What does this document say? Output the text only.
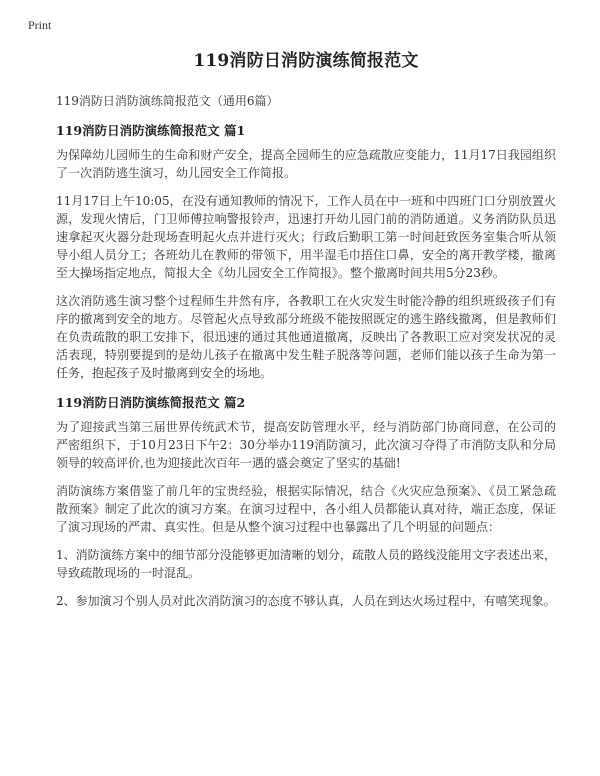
Print
119消防日消防演练简报范文
119消防日消防演练简报范文（通用6篇）
119消防日消防演练简报范文 篇1

为保障幼儿园师生的生命和财产安全，提高全园师生的应急疏散应变能力，11月17日我园组织了一次消防逃生演习，幼儿园安全工作简报。

11月17日上午10:05，在没有通知教师的情况下，工作人员在中一班和中四班门口分别放置火源，发现火情后，门卫师傅拉响警报铃声，迅速打开幼儿园门前的消防通道。义务消防队员迅速拿起灭火器分赴现场查明起火点并进行灭火；行政后勤职工第一时间赶致医务室集合听从领导小组人员分工；各班幼儿在教师的带领下，用半湿毛巾捂住口鼻，安全的离开教学楼，撤离至大操场指定地点，简报大全《幼儿园安全工作简报》。整个撤离时间共用5分23秒。

这次消防逃生演习整个过程师生井然有序，各教职工在火灾发生时能冷静的组织班级孩子们有序的撤离到安全的地方。尽管起火点导致部分班级不能按照既定的逃生路线撤离，但是教师们在负责疏散的职工安排下，很迅速的通过其他通道撤离，反映出了各教职工应对突发状况的灵活表现，特别要提到的是幼儿孩子在撤离中发生鞋子脱落等问题，老师们能以孩子生命为第一任务，抱起孩子及时撤离到安全的场地。

119消防日消防演练简报范文 篇2

为了迎接武当第三届世界传统武术节，提高安防管理水平，经与消防部门协商同意，在公司的严密组织下，于10月23日下午2：30分举办119消防演习，此次演习夺得了市消防支队和分局领导的较高评价,也为迎接此次百年一遇的盛会奠定了坚实的基础!

消防演练方案借鉴了前几年的宝贵经验，根据实际情况，结合《火灾应急预案》、《员工紧急疏散预案》制定了此次的演习方案。在演习过程中，各小组人员都能认真对待，端正态度，保证了演习现场的严肃、真实性。但是从整个演习过程中也暴露出了几个明显的问题点：

1、消防演练方案中的细节部分没能够更加清晰的划分，疏散人员的路线没能用文字表述出来，导致疏散现场的一时混乱。

2、参加演习个别人员对此次消防演习的态度不够认真，人员在到达火场过程中，有嘻笑现象。
